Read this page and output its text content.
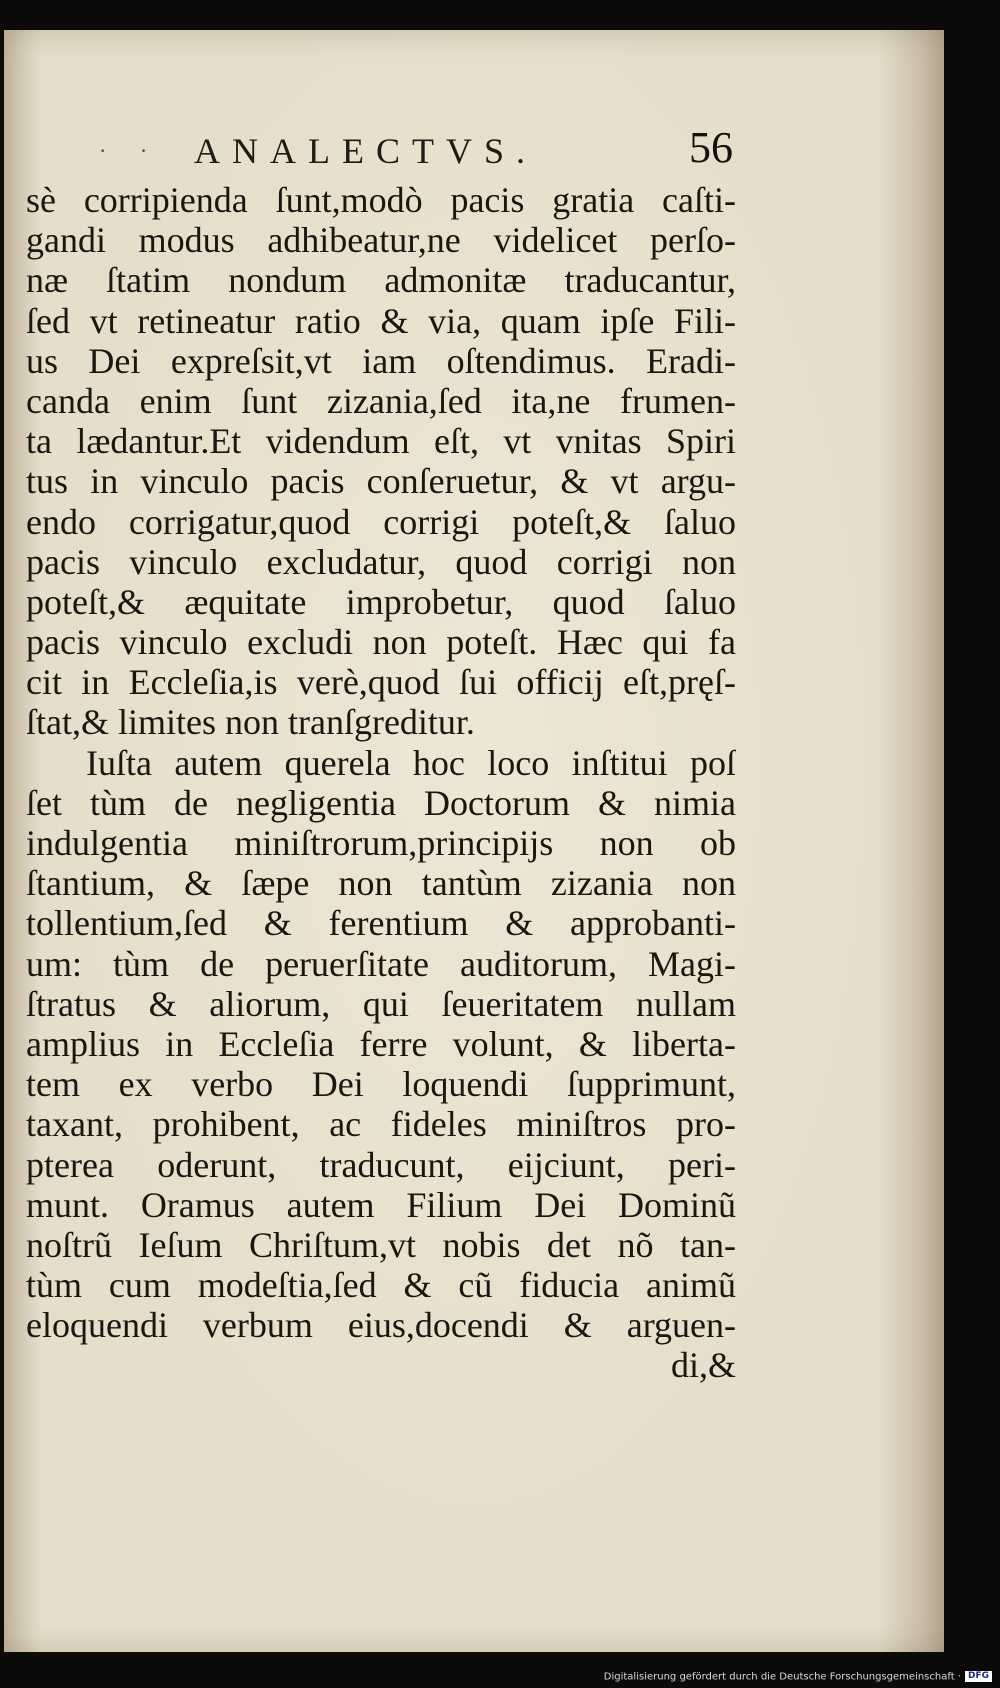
· · ANALECTVS.	56
sè corripienda ſunt,modò pacis gratia caſti-
gandi modus adhibeatur,ne videlicet perſo-
næ ſtatim nondum admonitæ traducantur,
ſed vt retineatur ratio & via, quam ipſe Fili-
us Dei expreſsit,vt iam oſtendimus. Eradi-
canda enim ſunt zizania,ſed ita,ne frumen-
ta lædantur.Et videndum eſt, vt vnitas Spiri
tus in vinculo pacis conſeruetur, & vt argu-
endo corrigatur,quod corrigi poteſt,& ſaluo
pacis vinculo excludatur, quod corrigi non
poteſt,& æquitate improbetur, quod ſaluo
pacis vinculo excludi non poteſt. Hæc qui fa
cit in Eccleſia,is verè,quod ſui officij eſt,pręſ-
ſtat,& limites non tranſgreditur.
Iuſta autem querela hoc loco inſtitui poſ
ſet tùm de negligentia Doctorum & nimia
indulgentia miniſtrorum,principijs non ob
ſtantium, & ſæpe non tantùm zizania non
tollentium,ſed & ferentium & approbanti-
um: tùm de peruerſitate auditorum, Magi-
ſtratus & aliorum, qui ſeueritatem nullam
amplius in Eccleſia ferre volunt, & liberta-
tem ex verbo Dei loquendi ſupprimunt,
taxant, prohibent, ac fideles miniſtros pro-
pterea oderunt, traducunt, eijciunt, peri-
munt. Oramus autem Filium Dei Dominũ
noſtrũ Ieſum Chriſtum,vt nobis det nõ tan-
tùm cum modeſtia,ſed & cũ fiducia animũ
eloquendi verbum eius,docendi & arguen-
di,&
Digitalisierung gefördert durch die Deutsche Forschungsgemeinschaft · DFG
